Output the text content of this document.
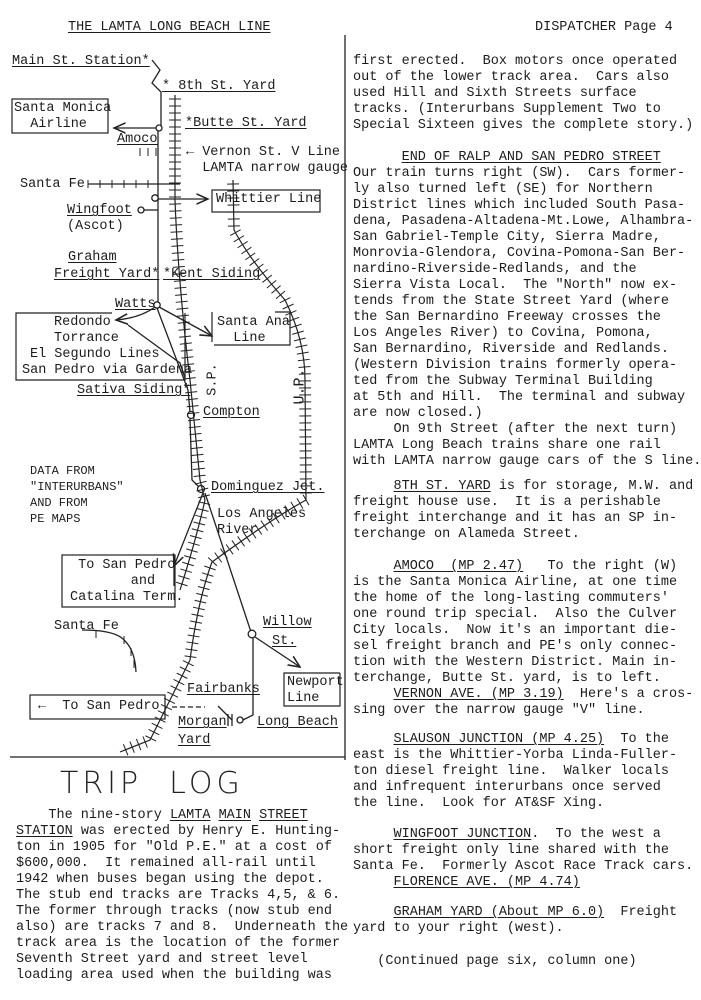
THE LAMTA LONG BEACH LINE	DISPATCHER Page 4
Main St. Station*
* 8th St. Yard
Santa Monica
Airline	*Butte St. Yard
Amoco
← Vernon St. V Line
LAMTA narrow gauge
Santa Fe
Whittier Line
Wingfoot
(Ascot)
Graham
Freight Yard* *Kent Siding
Watts
Redondo
Torrance
El Segundo Lines
San Pedro via Gardena
Santa Ana
Line
S.P.	U.P.
Sativa Siding*
Compton
DATA FROM
"INTERURBANS"
AND FROM
PE MAPS
Dominguez Jct.
Los Angeles
River
To San Pedro
and
Catalina Term.
Santa Fe	Willow
St.
Newport
Line
←  To San Pedro
Fairbanks
Morgan
Yard
Long Beach
TRIP  LOG
The nine-story LAMTA MAIN STREET
STATION was erected by Henry E. Hunting-
ton in 1905 for "Old P.E." at a cost of
$600,000.  It remained all-rail until
1942 when buses began using the depot.
The stub end tracks are Tracks 4,5, & 6.
The former through tracks (now stub end
also) are tracks 7 and 8.  Underneath the
track area is the location of the former
Seventh Street yard and street level
loading area used when the building was
first erected.  Box motors once operated
out of the lower track area.  Cars also
used Hill and Sixth Streets surface
tracks. (Interurbans Supplement Two to
Special Sixteen gives the complete story.)
END OF RALP AND SAN PEDRO STREET
Our train turns right (SW).  Cars former-
ly also turned left (SE) for Northern
District lines which included South Pasa-
dena, Pasadena-Altadena-Mt.Lowe, Alhambra-
San Gabriel-Temple City, Sierra Madre,
Monrovia-Glendora, Covina-Pomona-San Ber-
nardino-Riverside-Redlands, and the
Sierra Vista Local.  The "North" now ex-
tends from the State Street Yard (where
the San Bernardino Freeway crosses the
Los Angeles River) to Covina, Pomona,
San Bernardino, Riverside and Redlands.
(Western Division trains formerly opera-
ted from the Subway Terminal Building
at 5th and Hill.  The terminal and subway
are now closed.)
On 9th Street (after the next turn)
LAMTA Long Beach trains share one rail
with LAMTA narrow gauge cars of the S line.
8TH ST. YARD is for storage, M.W. and
freight house use.  It is a perishable
freight interchange and it has an SP in-
terchange on Alameda Street.
AMOCO  (MP 2.47)   To the right (W)
is the Santa Monica Airline, at one time
the home of the long-lasting commuters'
one round trip special.  Also the Culver
City locals.  Now it's an important die-
sel freight branch and PE's only connec-
tion with the Western District. Main in-
terchange, Butte St. yard, is to left.
VERNON AVE. (MP 3.19)  Here's a cros-
sing over the narrow gauge "V" line.
SLAUSON JUNCTION (MP 4.25)  To the
east is the Whittier-Yorba Linda-Fuller-
ton diesel freight line.  Walker locals
and infrequent interurbans once served
the line.  Look for AT&SF Xing.
WINGFOOT JUNCTION.  To the west a
short freight only line shared with the
Santa Fe.  Formerly Ascot Race Track cars.
FLORENCE AVE. (MP 4.74)
GRAHAM YARD (About MP 6.0)  Freight
yard to your right (west).
(Continued page six, column one)
